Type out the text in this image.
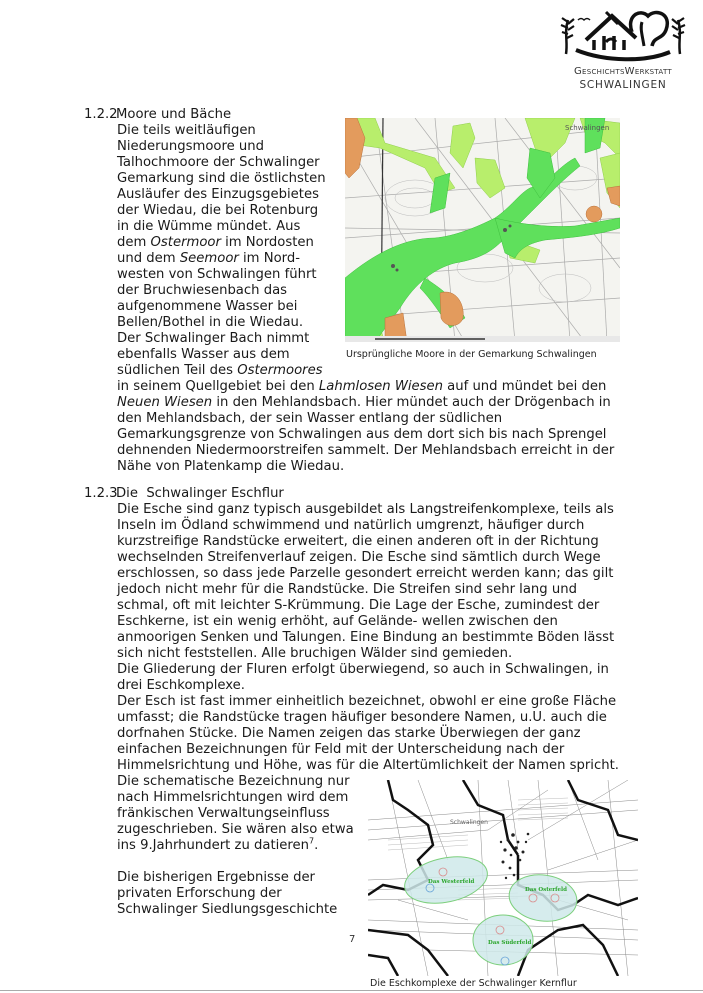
GeschichtsWerkstatt
SCHWALINGEN
1.2.2Moore und Bäche
Die teils weitläufigen
Niederungsmoore und
Talhochmoore der Schwalinger
Gemarkung sind die östlichsten
Ausläufer des Einzugsgebietes
der Wiedau, die bei Rotenburg
in die Wümme mündet. Aus
dem Ostermoor im Nordosten
und dem Seemoor im Nord-
westen von Schwalingen führt
der Bruchwiesenbach das
aufgenommene Wasser bei
Bellen/Bothel in die Wiedau.
Der Schwalinger Bach nimmt
ebenfalls Wasser aus dem
südlichen Teil des Ostermoores
in seinem Quellgebiet bei den Lahmlosen Wiesen auf und mündet bei den
Neuen Wiesen in den Mehlandsbach. Hier mündet auch der Drögenbach in
den Mehlandsbach, der sein Wasser entlang der südlichen
Gemarkungsgrenze von Schwalingen aus dem dort sich bis nach Sprengel
dehnenden Niedermoorstreifen sammelt. Der Mehlandsbach erreicht in der
Nähe von Platenkamp die Wiedau.
Schwalingen
Ursprüngliche Moore in der Gemarkung Schwalingen
1.2.3Die  Schwalinger Eschflur
Die Esche sind ganz typisch ausgebildet als Langstreifenkomplexe, teils als
Inseln im Ödland schwimmend und natürlich umgrenzt, häufiger durch
kurzstreifige Randstücke erweitert, die einen anderen oft in der Richtung
wechselnden Streifenverlauf zeigen. Die Esche sind sämtlich durch Wege
erschlossen, so dass jede Parzelle gesondert erreicht werden kann; das gilt
jedoch nicht mehr für die Randstücke. Die Streifen sind sehr lang und
schmal, oft mit leichter S-Krümmung. Die Lage der Esche, zumindest der
Eschkerne, ist ein wenig erhöht, auf Gelände- wellen zwischen den
anmoorigen Senken und Talungen. Eine Bindung an bestimmte Böden lässt
sich nicht feststellen. Alle bruchigen Wälder sind gemieden.
Die Gliederung der Fluren erfolgt überwiegend, so auch in Schwalingen, in
drei Eschkomplexe.
Der Esch ist fast immer einheitlich bezeichnet, obwohl er eine große Fläche
umfasst; die Randstücke tragen häufiger besondere Namen, u.U. auch die
dorfnahen Stücke. Die Namen zeigen das starke Überwiegen der ganz
einfachen Bezeichnungen für Feld mit der Unterscheidung nach der
Himmelsrichtung und Höhe, was für die Altertümlichkeit der Namen spricht.
Die schematische Bezeichnung nur
nach Himmelsrichtungen wird dem
fränkischen Verwaltungseinfluss
zugeschrieben. Sie wären also etwa
ins 9.Jahrhundert zu datieren$^7$.
Die bisherigen Ergebnisse der
privaten Erforschung der
Schwalinger Siedlungsgeschichte
Schwalingen
Das Westerfeld
Das Osterfeld
Das Süderfeld
Die Eschkomplexe der Schwalinger Kernflur
7
